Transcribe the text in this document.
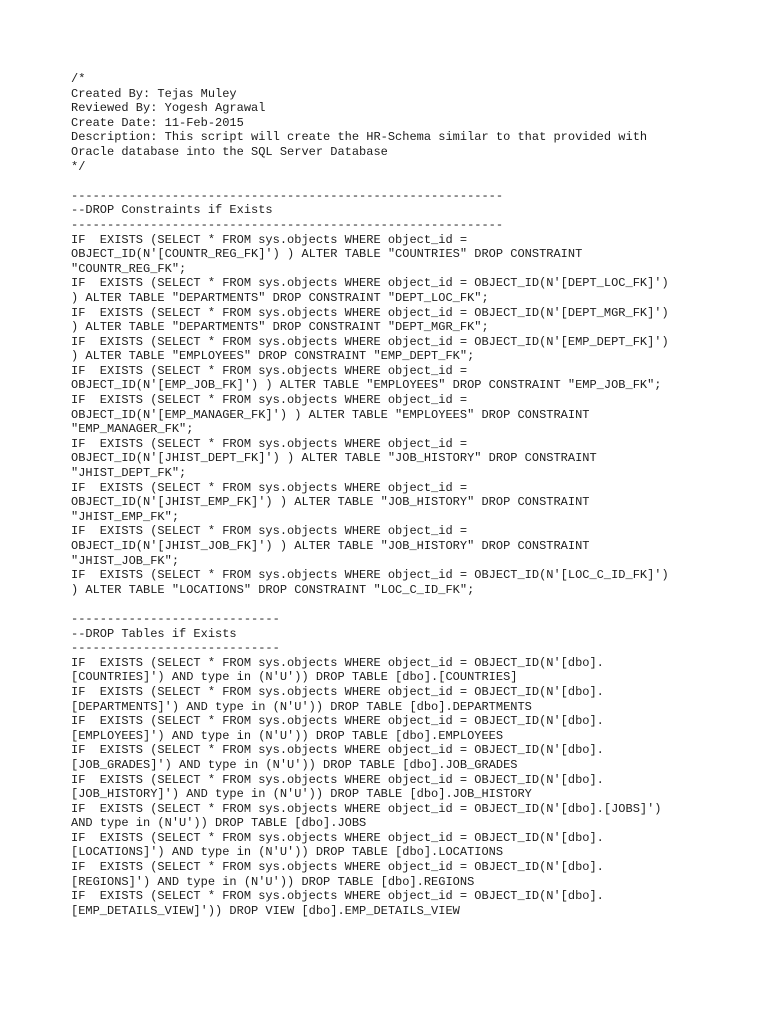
/*
Created By: Tejas Muley
Reviewed By: Yogesh Agrawal
Create Date: 11-Feb-2015
Description: This script will create the HR-Schema similar to that provided with
Oracle database into the SQL Server Database
*/
------------------------------------------------------------
--DROP Constraints if Exists
------------------------------------------------------------
IF  EXISTS (SELECT * FROM sys.objects WHERE object_id =
OBJECT_ID(N'[COUNTR_REG_FK]') ) ALTER TABLE "COUNTRIES" DROP CONSTRAINT
"COUNTR_REG_FK";
IF  EXISTS (SELECT * FROM sys.objects WHERE object_id = OBJECT_ID(N'[DEPT_LOC_FK]')
) ALTER TABLE "DEPARTMENTS" DROP CONSTRAINT "DEPT_LOC_FK";
IF  EXISTS (SELECT * FROM sys.objects WHERE object_id = OBJECT_ID(N'[DEPT_MGR_FK]')
) ALTER TABLE "DEPARTMENTS" DROP CONSTRAINT "DEPT_MGR_FK";
IF  EXISTS (SELECT * FROM sys.objects WHERE object_id = OBJECT_ID(N'[EMP_DEPT_FK]')
) ALTER TABLE "EMPLOYEES" DROP CONSTRAINT "EMP_DEPT_FK";
IF  EXISTS (SELECT * FROM sys.objects WHERE object_id =
OBJECT_ID(N'[EMP_JOB_FK]') ) ALTER TABLE "EMPLOYEES" DROP CONSTRAINT "EMP_JOB_FK";
IF  EXISTS (SELECT * FROM sys.objects WHERE object_id =
OBJECT_ID(N'[EMP_MANAGER_FK]') ) ALTER TABLE "EMPLOYEES" DROP CONSTRAINT
"EMP_MANAGER_FK";
IF  EXISTS (SELECT * FROM sys.objects WHERE object_id =
OBJECT_ID(N'[JHIST_DEPT_FK]') ) ALTER TABLE "JOB_HISTORY" DROP CONSTRAINT
"JHIST_DEPT_FK";
IF  EXISTS (SELECT * FROM sys.objects WHERE object_id =
OBJECT_ID(N'[JHIST_EMP_FK]') ) ALTER TABLE "JOB_HISTORY" DROP CONSTRAINT
"JHIST_EMP_FK";
IF  EXISTS (SELECT * FROM sys.objects WHERE object_id =
OBJECT_ID(N'[JHIST_JOB_FK]') ) ALTER TABLE "JOB_HISTORY" DROP CONSTRAINT
"JHIST_JOB_FK";
IF  EXISTS (SELECT * FROM sys.objects WHERE object_id = OBJECT_ID(N'[LOC_C_ID_FK]')
) ALTER TABLE "LOCATIONS" DROP CONSTRAINT "LOC_C_ID_FK";
-----------------------------
--DROP Tables if Exists
-----------------------------
IF  EXISTS (SELECT * FROM sys.objects WHERE object_id = OBJECT_ID(N'[dbo].
[COUNTRIES]') AND type in (N'U')) DROP TABLE [dbo].[COUNTRIES]
IF  EXISTS (SELECT * FROM sys.objects WHERE object_id = OBJECT_ID(N'[dbo].
[DEPARTMENTS]') AND type in (N'U')) DROP TABLE [dbo].DEPARTMENTS
IF  EXISTS (SELECT * FROM sys.objects WHERE object_id = OBJECT_ID(N'[dbo].
[EMPLOYEES]') AND type in (N'U')) DROP TABLE [dbo].EMPLOYEES
IF  EXISTS (SELECT * FROM sys.objects WHERE object_id = OBJECT_ID(N'[dbo].
[JOB_GRADES]') AND type in (N'U')) DROP TABLE [dbo].JOB_GRADES
IF  EXISTS (SELECT * FROM sys.objects WHERE object_id = OBJECT_ID(N'[dbo].
[JOB_HISTORY]') AND type in (N'U')) DROP TABLE [dbo].JOB_HISTORY
IF  EXISTS (SELECT * FROM sys.objects WHERE object_id = OBJECT_ID(N'[dbo].[JOBS]')
AND type in (N'U')) DROP TABLE [dbo].JOBS
IF  EXISTS (SELECT * FROM sys.objects WHERE object_id = OBJECT_ID(N'[dbo].
[LOCATIONS]') AND type in (N'U')) DROP TABLE [dbo].LOCATIONS
IF  EXISTS (SELECT * FROM sys.objects WHERE object_id = OBJECT_ID(N'[dbo].
[REGIONS]') AND type in (N'U')) DROP TABLE [dbo].REGIONS
IF  EXISTS (SELECT * FROM sys.objects WHERE object_id = OBJECT_ID(N'[dbo].
[EMP_DETAILS_VIEW]')) DROP VIEW [dbo].EMP_DETAILS_VIEW
